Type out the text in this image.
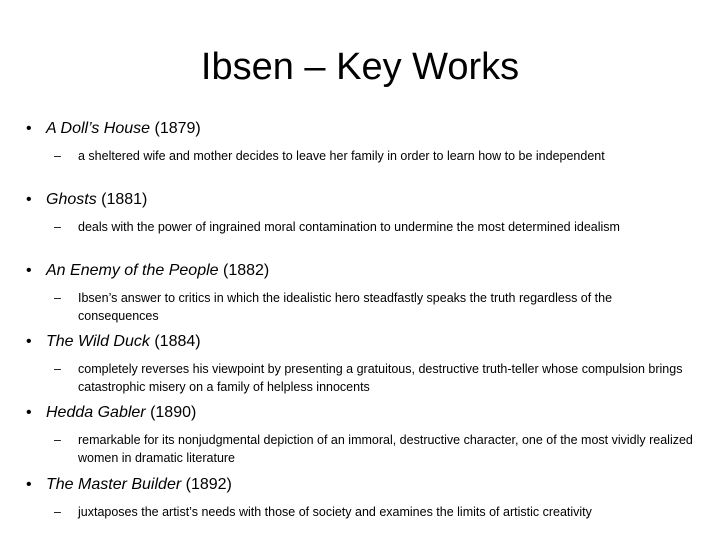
Ibsen – Key Works
• A Doll’s House (1879)
– a sheltered wife and mother decides to leave her family in order to learn how to be independent
• Ghosts (1881)
– deals with the power of ingrained moral contamination to undermine the most determined idealism
• An Enemy of the People (1882)
– Ibsen’s answer to critics in which the idealistic hero steadfastly speaks the truth regardless of the consequences
• The Wild Duck (1884)
– completely reverses his viewpoint by presenting a gratuitous, destructive truth-teller whose compulsion brings catastrophic misery on a family of helpless innocents
• Hedda Gabler (1890)
– remarkable for its nonjudgmental depiction of an immoral, destructive character, one of the most vividly realized women in dramatic literature
• The Master Builder (1892)
– juxtaposes the artist’s needs with those of society and examines the limits of artistic creativity
